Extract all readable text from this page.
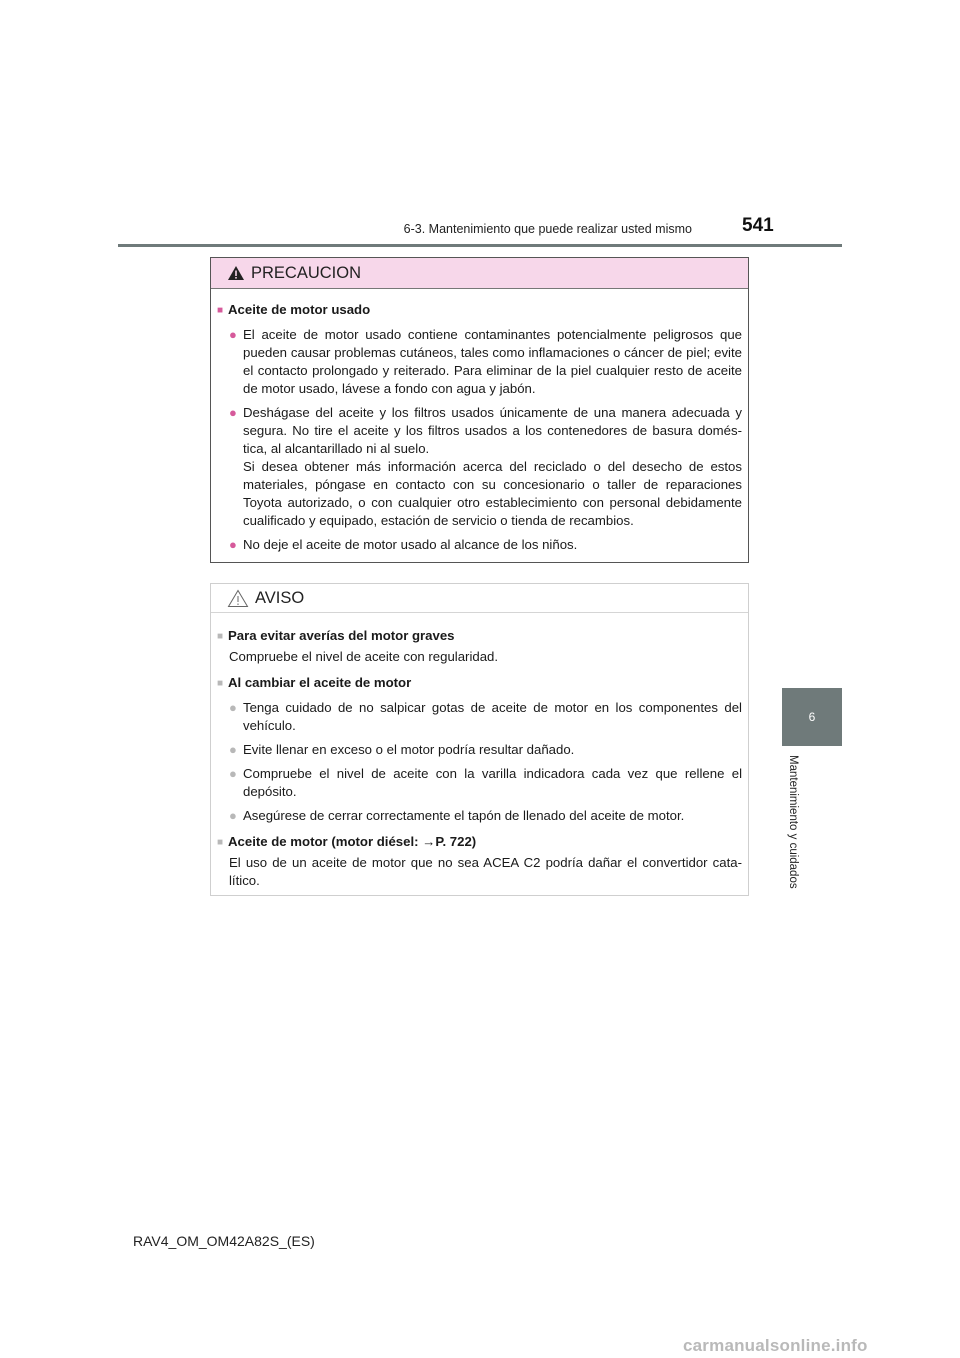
6-3. Mantenimiento que puede realizar usted mismo	541
6
Mantenimiento y cuidados
PRECAUCION
■ Aceite de motor usado
● El aceite de motor usado contiene contaminantes potencialmente peligrosos que pueden causar problemas cutáneos, tales como inflamaciones o cáncer de piel; evite el contacto prolongado y reiterado. Para eliminar de la piel cualquier resto de aceite de motor usado, lávese a fondo con agua y jabón.
● Deshágase del aceite y los filtros usados únicamente de una manera adecuada y segura. No tire el aceite y los filtros usados a los contenedores de basura domés-tica, al alcantarillado ni al suelo.
Si desea obtener más información acerca del reciclado o del desecho de estos materiales, póngase en contacto con su concesionario o taller de reparaciones Toyota autorizado, o con cualquier otro establecimiento con personal debidamente cualificado y equipado, estación de servicio o tienda de recambios.
● No deje el aceite de motor usado al alcance de los niños.
AVISO
■ Para evitar averías del motor graves
Compruebe el nivel de aceite con regularidad.
■ Al cambiar el aceite de motor
● Tenga cuidado de no salpicar gotas de aceite de motor en los componentes del vehículo.
● Evite llenar en exceso o el motor podría resultar dañado.
● Compruebe el nivel de aceite con la varilla indicadora cada vez que rellene el depósito.
● Asegúrese de cerrar correctamente el tapón de llenado del aceite de motor.
■ Aceite de motor (motor diésel: →P. 722)
El uso de un aceite de motor que no sea ACEA C2 podría dañar el convertidor cata-lítico.
RAV4_OM_OM42A82S_(ES)
carmanualsonline.info
